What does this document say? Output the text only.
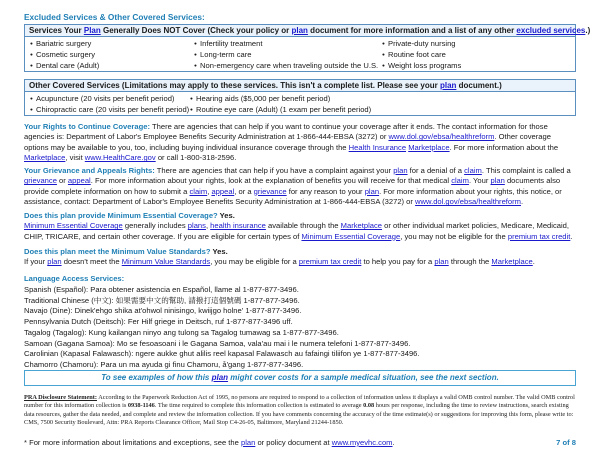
Excluded Services & Other Covered Services:
Services Your Plan Generally Does NOT Cover (Check your policy or plan document for more information and a list of any other excluded services.)
• Bariatric surgery
• Cosmetic surgery
• Dental care (Adult)
• Infertility treatment
• Long-term care
• Non-emergency care when traveling outside the U.S.
• Private-duty nursing
• Routine foot care
• Weight loss programs
Other Covered Services (Limitations may apply to these services. This isn't a complete list. Please see your plan document.)
• Acupuncture (20 visits per benefit period)
• Chiropractic care (20 visits per benefit period)
• Hearing aids ($5,000 per benefit period)
• Routine eye care (Adult) (1 exam per benefit period)
Your Rights to Continue Coverage: There are agencies that can help if you want to continue your coverage after it ends. The contact information for those agencies is: Department of Labor's Employee Benefits Security Administration at 1-866-444-EBSA (3272) or www.dol.gov/ebsa/healthreform. Other coverage options may be available to you, too, including buying individual insurance coverage through the Health Insurance Marketplace. For more information about the Marketplace, visit www.HealthCare.gov or call 1-800-318-2596.
Your Grievance and Appeals Rights: There are agencies that can help if you have a complaint against your plan for a denial of a claim. This complaint is called a grievance or appeal. For more information about your rights, look at the explanation of benefits you will receive for that medical claim. Your plan documents also provide complete information on how to submit a claim, appeal, or a grievance for any reason to your plan. For more information about your rights, this notice, or assistance, contact: Department of Labor's Employee Benefits Security Administration at 1-866-444-EBSA (3272) or www.dol.gov/ebsa/healthreform.
Does this plan provide Minimum Essential Coverage? Yes.
Minimum Essential Coverage generally includes plans, health insurance available through the Marketplace or other individual market policies, Medicare, Medicaid, CHIP, TRICARE, and certain other coverage. If you are eligible for certain types of Minimum Essential Coverage, you may not be eligible for the premium tax credit.
Does this plan meet the Minimum Value Standards? Yes.
If your plan doesn't meet the Minimum Value Standards, you may be eligible for a premium tax credit to help you pay for a plan through the Marketplace.
Language Access Services:
Spanish (Español): Para obtener asistencia en Español, llame al 1-877-877-3496.
Traditional Chinese (中文): 如果需要中文的幫助, 請撥打這個號碼 1-877-877-3496.
Navajo (Dine): Dinek'ehgo shika at'ohwol ninisingo, kwiijgo holne' 1-877-877-3496.
Pennsylvania Dutch (Deitsch): Fer Hilf griege in Deitsch, ruf 1-877-877-3496 uff.
Tagalog (Tagalog): Kung kailangan ninyo ang tulong sa Tagalog tumawag sa 1-877-877-3496.
Samoan (Gagana Samoa): Mo se fesoasoani i le Gagana Samoa, vala'au mai i le numera telefoni 1-877-877-3496.
Carolinian (Kapasal Falawasch): ngere aukke ghut alilis reel kapasal Falawasch au fafaingi tiliifon ye 1-877-877-3496.
Chamorro (Chamoru): Para un ma ayuda gi finu Chamoru, å'gang 1-877-877-3496.
To see examples of how this plan might cover costs for a sample medical situation, see the next section.
PRA Disclosure Statement: According to the Paperwork Reduction Act of 1995, no persons are required to respond to a collection of information unless it displays a valid OMB control number. The valid OMB control number for this information collection is 0938-1146. The time required to complete this information collection is estimated to average 0.08 hours per response, including the time to review instructions, search existing data resources, gather the data needed, and complete and review the information collection. If you have comments concerning the accuracy of the time estimate(s) or suggestions for improving this form, please write to: CMS, 7500 Security Boulevard, Attn: PRA Reports Clearance Officer, Mail Stop C4-26-05, Baltimore, Maryland 21244-1850.
* For more information about limitations and exceptions, see the plan or policy document at www.myevhc.com.	7 of 8
